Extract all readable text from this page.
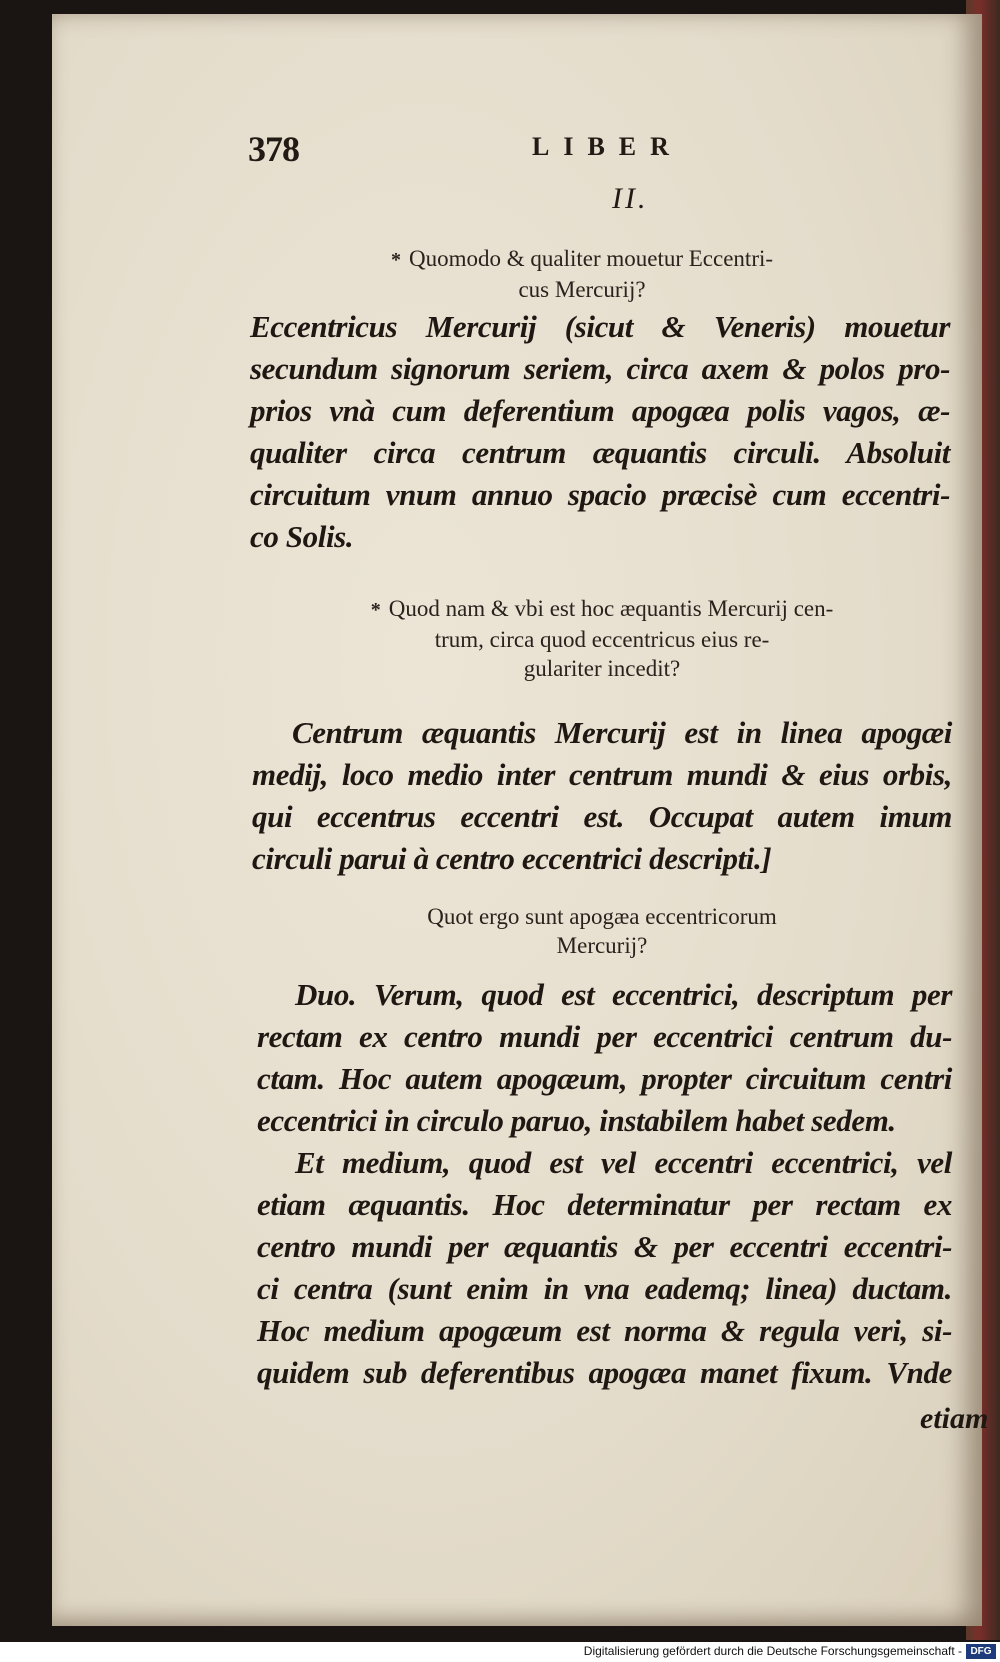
378	LIBER
II.
* Quomodo & qualiter mouetur Eccentri-
cus Mercurij?
Eccentricus Mercurij (sicut & Veneris) mouetur
secundum signorum seriem, circa axem & polos pro-
prios vnà cum deferentium apogæa polis vagos, æ-
qualiter circa centrum æquantis circuli. Absoluit
circuitum vnum annuo spacio præcisè cum eccentri-
co Solis.
* Quod nam & vbi est hoc æquantis Mercurij cen-
trum, circa quod eccentricus eius re-
gulariter incedit?
Centrum æquantis Mercurij est in linea apogæi
medij, loco medio inter centrum mundi & eius orbis,
qui eccentrus eccentri est. Occupat autem imum
circuli parui à centro eccentrici descripti.]
Quot ergo sunt apogæa eccentricorum
Mercurij?
Duo. Verum, quod est eccentrici, descriptum per
rectam ex centro mundi per eccentrici centrum du-
ctam. Hoc autem apogæum, propter circuitum centri
eccentrici in circulo paruo, instabilem habet sedem.
Et medium, quod est vel eccentri eccentrici, vel
etiam æquantis. Hoc determinatur per rectam ex
centro mundi per æquantis & per eccentri eccentri-
ci centra (sunt enim in vna eademq; linea) ductam.
Hoc medium apogæum est norma & regula veri, si-
quidem sub deferentibus apogæa manet fixum. Vnde
etiam
Digitalisierung gefördert durch die Deutsche Forschungsgemeinschaft - DFG
